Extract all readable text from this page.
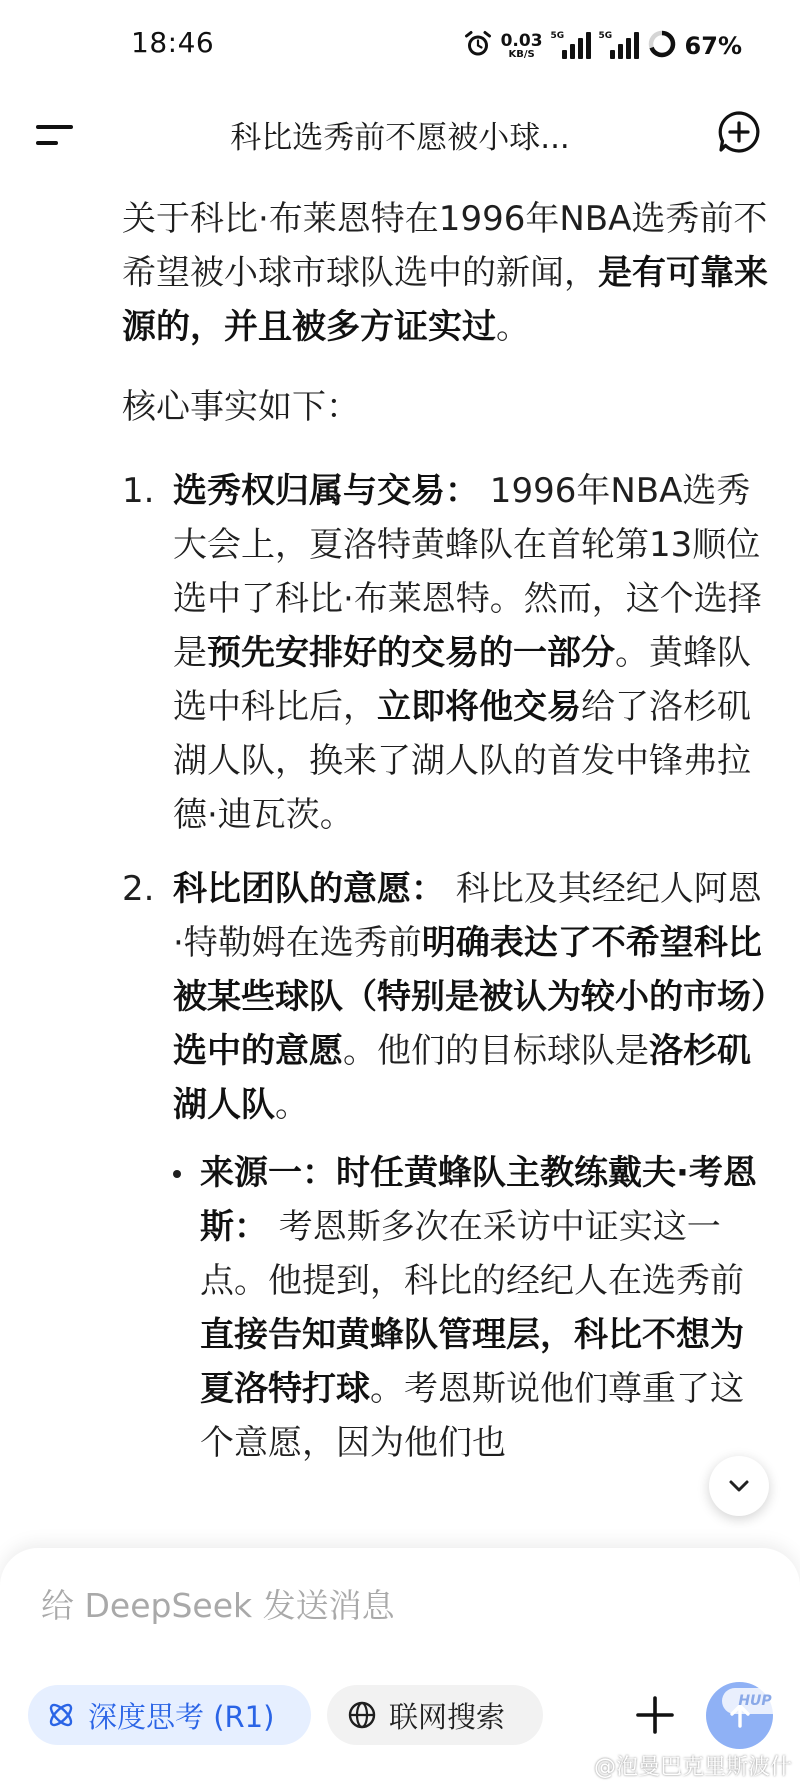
18:46	0.03
KB/S
5G	5G	67%
科比选秀前不愿被小球...

关于科比·布莱恩特在1996年NBA选秀前不希望被小球市球队选中的新闻，是有可靠来源的，并且被多方证实过。

核心事实如下：

1. 选秀权归属与交易： 1996年NBA选秀大会上，夏洛特黄蜂队在首轮第13顺位选中了科比·布莱恩特。然而，这个选择是预先安排好的交易的一部分。黄蜂队选中科比后，立即将他交易给了洛杉矶湖人队，换来了湖人队的首发中锋弗拉德·迪瓦茨。
2. 科比团队的意愿： 科比及其经纪人阿恩·特勒姆在选秀前明确表达了不希望科比被某些球队（特别是被认为较小的市场）选中的意愿。他们的目标球队是洛杉矶湖人队。
来源一：时任黄蜂队主教练戴夫·考恩斯： 考恩斯多次在采访中证实这一点。他提到，科比的经纪人在选秀前直接告知黄蜂队管理层，科比不想为夏洛特打球。考恩斯说他们尊重了这个意愿，因为他们也
给 DeepSeek 发送消息
深度思考 (R1)	联网搜索	HUP
@泡曼巴克里斯波什
